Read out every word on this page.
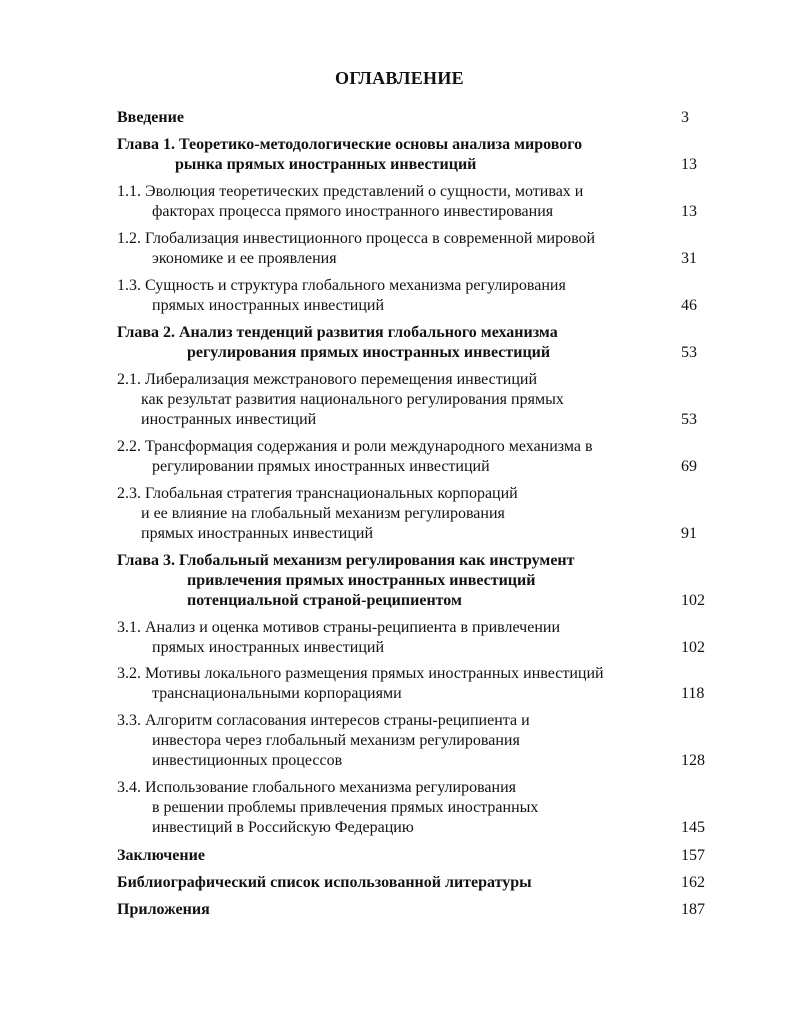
ОГЛАВЛЕНИЕ
Введение	3
Глава 1. Теоретико-методологические основы анализа мирового
рынка прямых иностранных инвестиций	13
1.1. Эволюция теоретических представлений о сущности, мотивах и
факторах процесса прямого иностранного инвестирования	13
1.2. Глобализация инвестиционного процесса в современной мировой
экономике и ее проявления	31
1.3. Сущность и структура глобального механизма регулирования
прямых иностранных инвестиций	46
Глава 2. Анализ тенденций развития глобального механизма
регулирования прямых иностранных инвестиций	53
2.1. Либерализация межстранового перемещения инвестиций
как результат развития национального регулирования прямых
иностранных инвестиций	53
2.2. Трансформация содержания и роли международного механизма в
регулировании прямых иностранных инвестиций	69
2.3. Глобальная стратегия транснациональных корпораций
и ее влияние на глобальный механизм регулирования
прямых иностранных инвестиций	91
Глава 3. Глобальный механизм регулирования как инструмент
привлечения прямых иностранных инвестиций
потенциальной страной-реципиентом	102
3.1. Анализ и оценка мотивов страны-реципиента в привлечении
прямых иностранных инвестиций	102
3.2. Мотивы локального размещения прямых иностранных инвестиций
транснациональными корпорациями	118
3.3. Алгоритм согласования интересов страны-реципиента и
инвестора через глобальный механизм регулирования
инвестиционных процессов	128
3.4. Использование глобального механизма регулирования
в решении проблемы привлечения прямых иностранных
инвестиций в Российскую Федерацию	145
Заключение	157
Библиографический список использованной литературы	162
Приложения	187
